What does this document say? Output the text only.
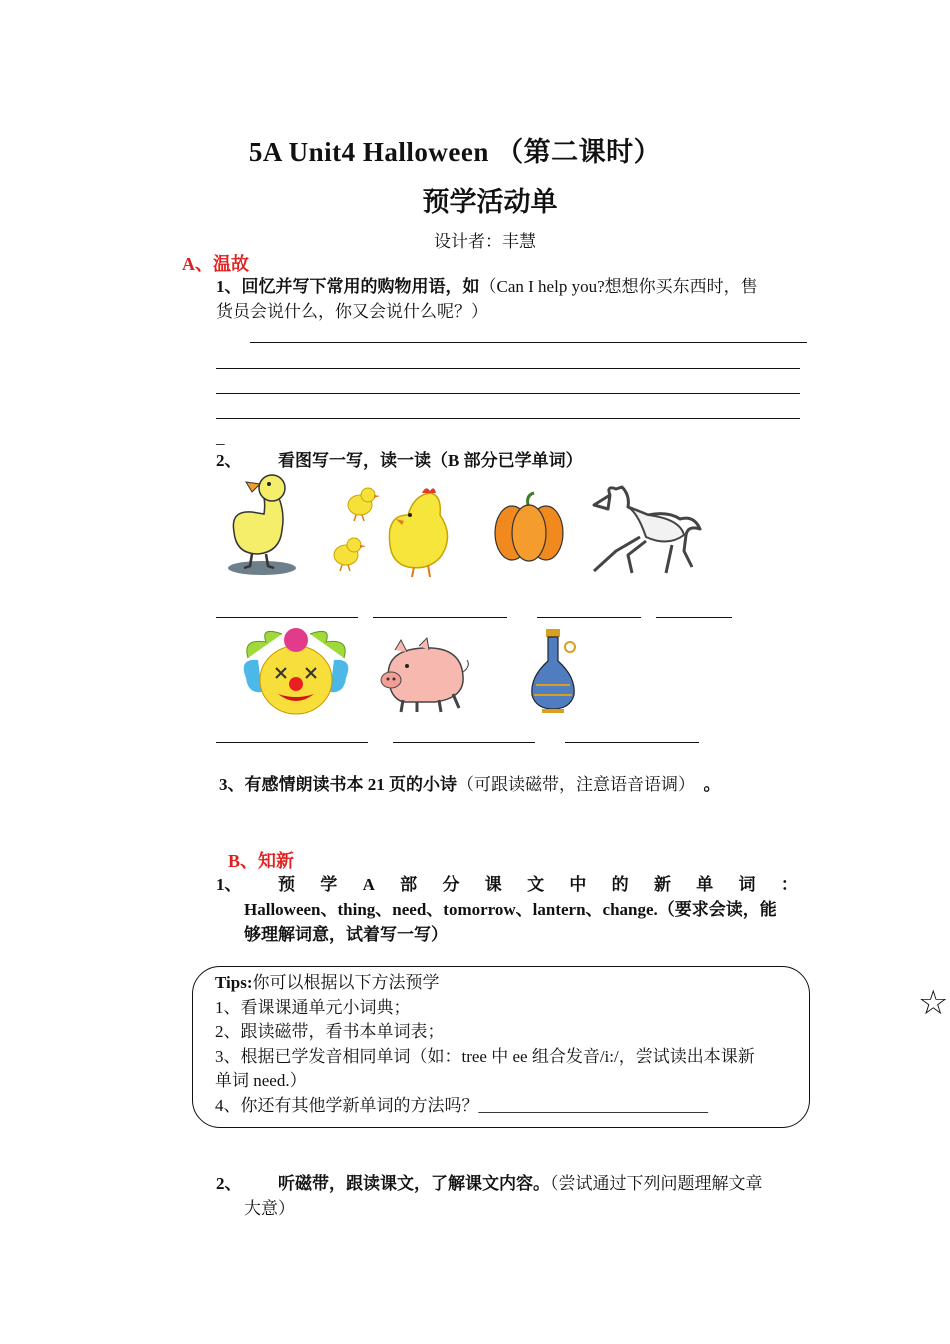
5A Unit4 Halloween （第二课时）
预学活动单
设计者：丰慧
A、温故
1、回忆并写下常用的购物用语，如（Can I help you?想想你买东西时，售
货员会说什么，你又会说什么呢？）
_
2、 看图写一写，读一读（B 部分已学单词）
3、有感情朗读书本 21 页的小诗（可跟读磁带，注意语音语调） 。
B、知新
1、 预 学 A 部 分 课 文 中 的 新 单 词 ：
Halloween、thing、need、tomorrow、lantern、change.（要求会读，能
够理解词意，试着写一写）
Tips:你可以根据以下方法预学
1、看课课通单元小词典；
2、跟读磁带，看书本单词表；
3、根据已学发音相同单词（如：tree 中 ee 组合发音/i:/，尝试读出本课新
单词 need.）
4、你还有其他学新单词的方法吗？___________________________
☆
2、 听磁带，跟读课文，了解课文内容。（尝试通过下列问题理解文章
大意）
